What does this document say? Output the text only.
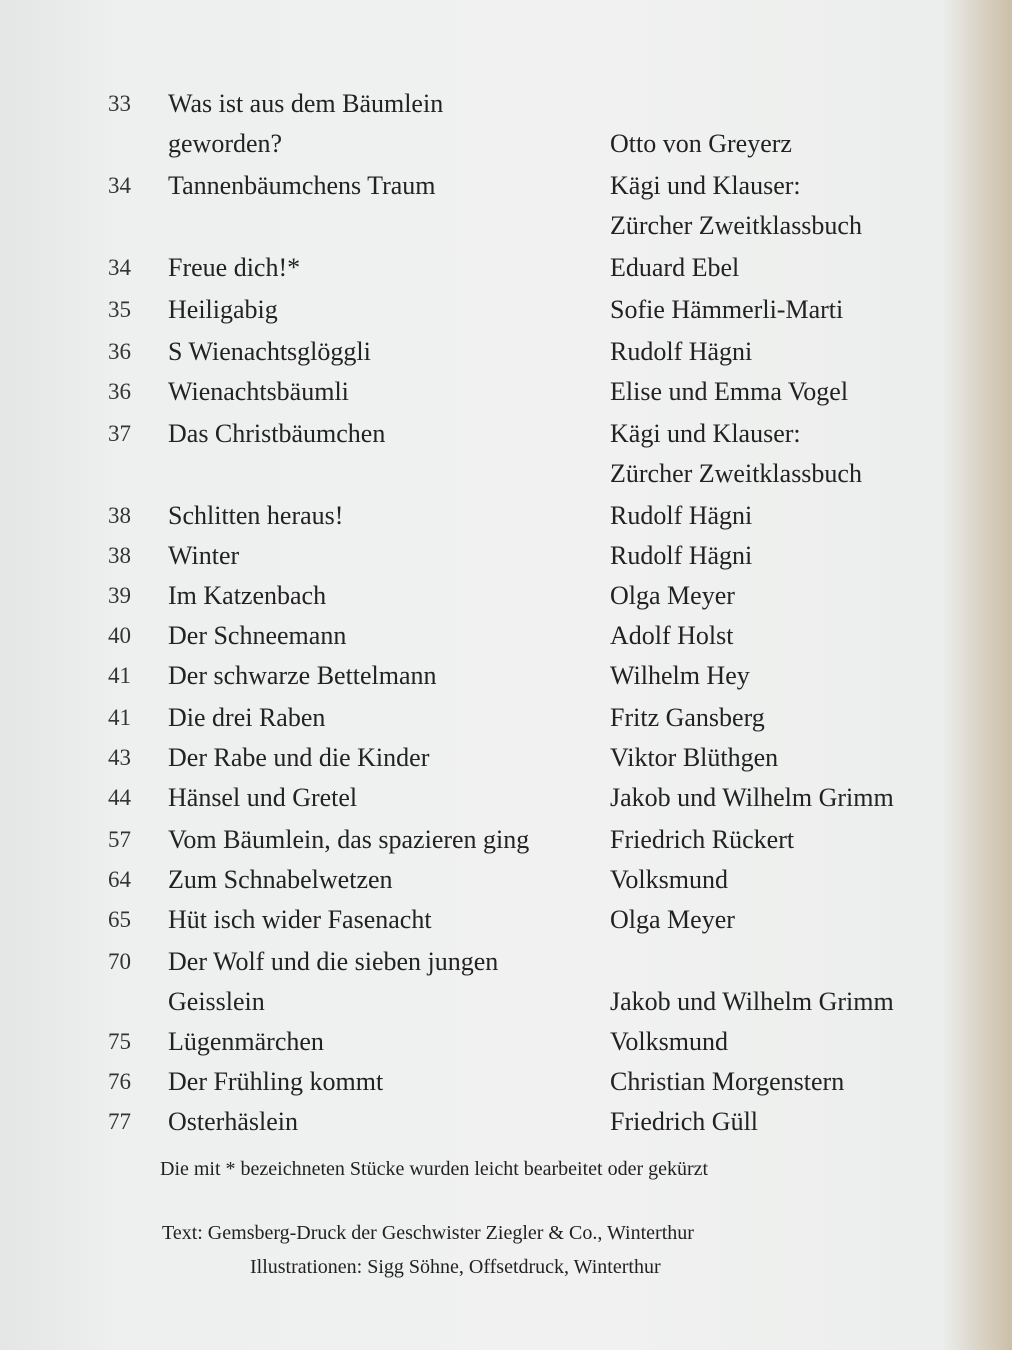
33	Was ist aus dem Bäumlein
geworden?	Otto von Greyerz
34	Tannenbäumchens Traum	Kägi und Klauser:
Zürcher Zweitklassbuch
34	Freue dich!*	Eduard Ebel
35	Heiligabig	Sofie Hämmerli-Marti
36	S Wienachtsglöggli	Rudolf Hägni
36	Wienachtsbäumli	Elise und Emma Vogel
37	Das Christbäumchen	Kägi und Klauser:
Zürcher Zweitklassbuch
38	Schlitten heraus!	Rudolf Hägni
38	Winter	Rudolf Hägni
39	Im Katzenbach	Olga Meyer
40	Der Schneemann	Adolf Holst
41	Der schwarze Bettelmann	Wilhelm Hey
41	Die drei Raben	Fritz Gansberg
43	Der Rabe und die Kinder	Viktor Blüthgen
44	Hänsel und Gretel	Jakob und Wilhelm Grimm
57	Vom Bäumlein, das spazieren ging	Friedrich Rückert
64	Zum Schnabelwetzen	Volksmund
65	Hüt isch wider Fasenacht	Olga Meyer
70	Der Wolf und die sieben jungen
Geisslein	Jakob und Wilhelm Grimm
75	Lügenmärchen	Volksmund
76	Der Frühling kommt	Christian Morgenstern
77	Osterhäslein	Friedrich Güll
Die mit * bezeichneten Stücke wurden leicht bearbeitet oder gekürzt
Text: Gemsberg-Druck der Geschwister Ziegler & Co., Winterthur
Illustrationen: Sigg Söhne, Offsetdruck, Winterthur
